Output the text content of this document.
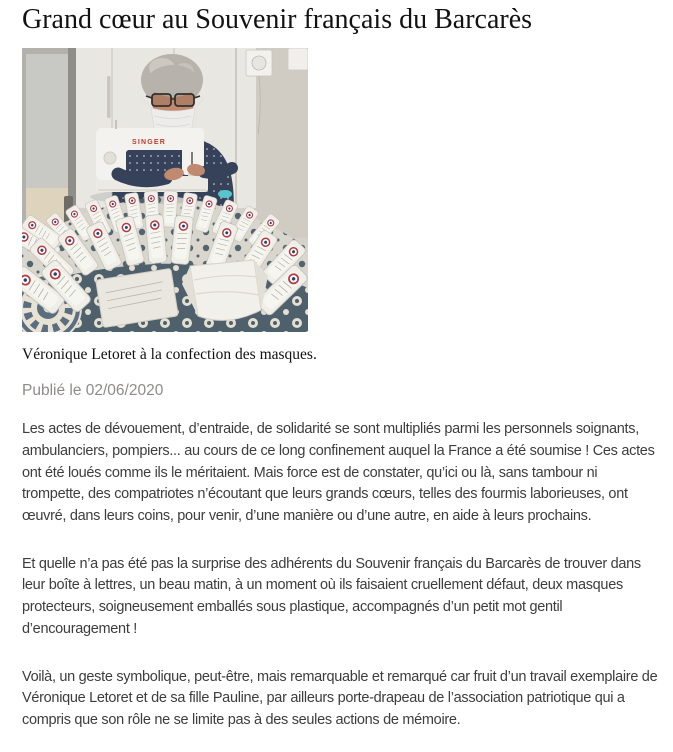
Grand cœur au Souvenir français du Barcarès
SINGER
Véronique Letoret à la confection des masques.
Publié le 02/06/2020

Les actes de dévouement, d’entraide, de solidarité se sont multipliés parmi les personnels soignants, ambulanciers, pompiers... au cours de ce long confinement auquel la France a été soumise ! Ces actes ont été loués comme ils le méritaient. Mais force est de constater, qu’ici ou là, sans tambour ni trompette, des compatriotes n’écoutant que leurs grands cœurs, telles des fourmis laborieuses, ont œuvré, dans leurs coins, pour venir, d’une manière ou d’une autre, en aide à leurs prochains.

Et quelle n’a pas été pas la surprise des adhérents du Souvenir français du Barcarès de trouver dans leur boîte à lettres, un beau matin, à un moment où ils faisaient cruellement défaut, deux masques protecteurs, soigneusement emballés sous plastique, accompagnés d’un petit mot gentil d’encouragement !

Voilà, un geste symbolique, peut-être, mais remarquable et remarqué car fruit d’un travail exemplaire de Véronique Letoret et de sa fille Pauline, par ailleurs porte-drapeau de l’association patriotique qui a compris que son rôle ne se limite pas à des seules actions de mémoire.
